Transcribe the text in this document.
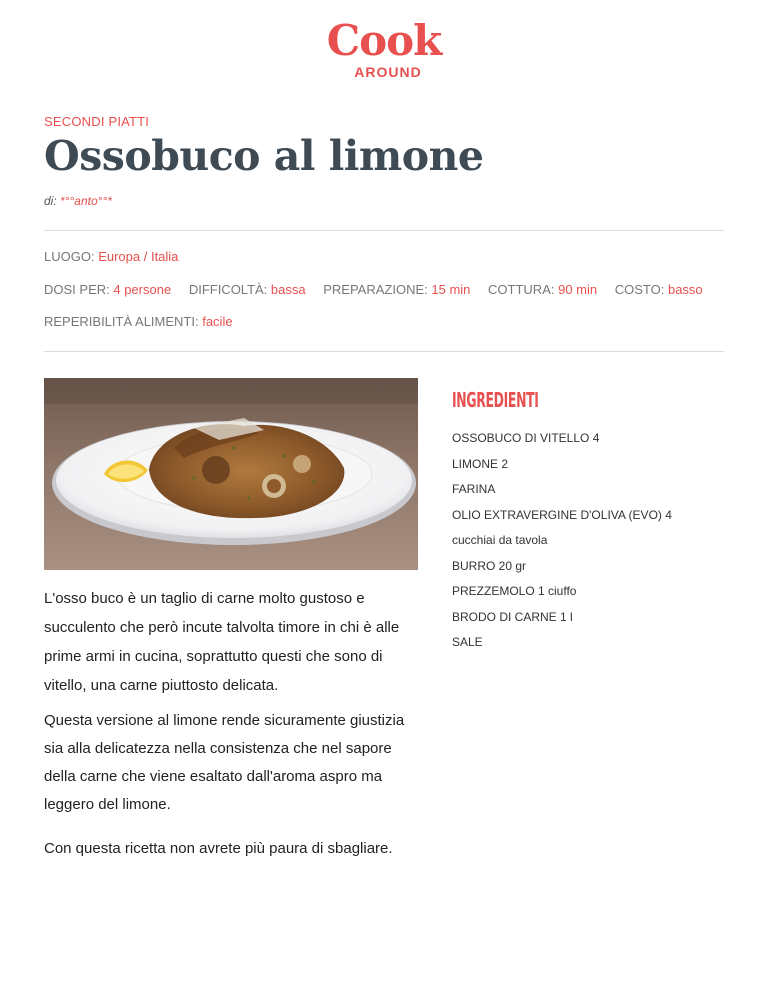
Cook
AROUND
SECONDI PIATTI
Ossobuco al limone
di: *°°anto°°*
LUOGO: Europa / Italia
DOSI PER: 4 persone DIFFICOLTÀ: bassa PREPARAZIONE: 15 min COTTURA: 90 min COSTO: basso
REPERIBILITÀ ALIMENTI: facile

L'osso buco è un taglio di carne molto gustoso e succulento che però incute talvolta timore in chi è alle prime armi in cucina, soprattutto questi che sono di vitello, una carne piuttosto delicata.

Questa versione al limone rende sicuramente giustizia sia alla delicatezza nella consistenza che nel sapore della carne che viene esaltato dall'aroma aspro ma leggero del limone.

Con questa ricetta non avrete più paura di sbagliare.

INGREDIENTI
OSSOBUCO DI VITELLO 4
LIMONE 2
FARINA
OLIO EXTRAVERGINE D'OLIVA (EVO) 4
cucchiai da tavola
BURRO 20 gr
PREZZEMOLO 1 ciuffo
BRODO DI CARNE 1 l
SALE
